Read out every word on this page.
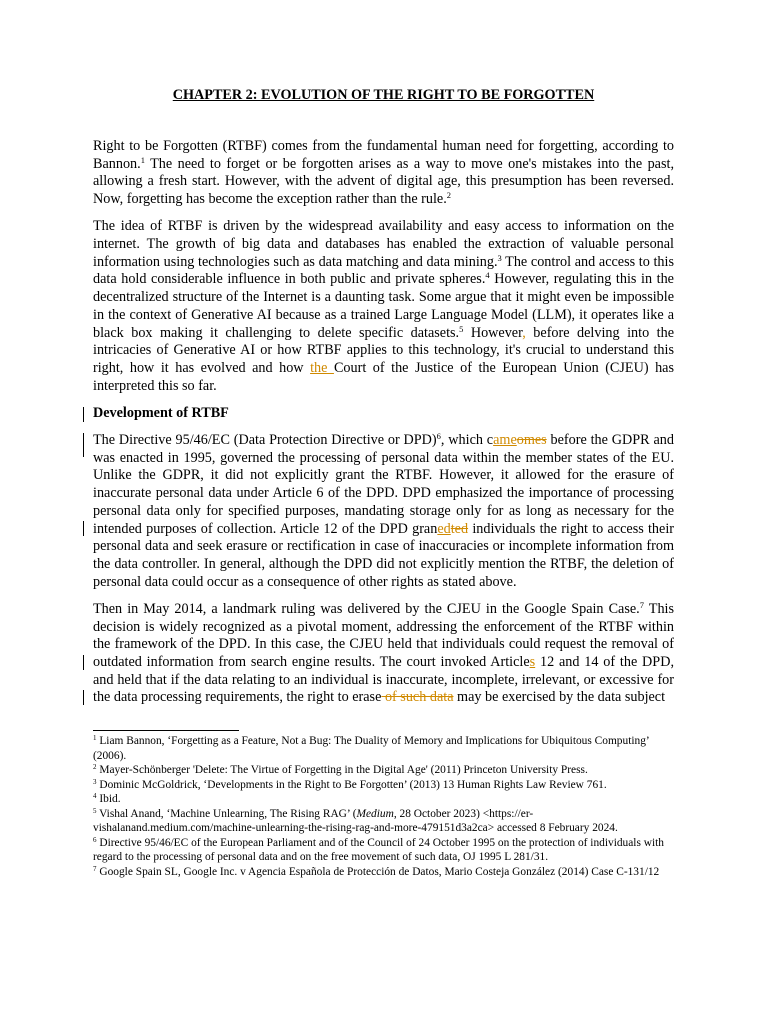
CHAPTER 2: EVOLUTION OF THE RIGHT TO BE FORGOTTEN

Right to be Forgotten (RTBF) comes from the fundamental human need for forgetting, according to Bannon.$^1$ The need to forget or be forgotten arises as a way to move one's mistakes into the past, allowing a fresh start. However, with the advent of digital age, this presumption has been reversed. Now, forgetting has become the exception rather than the rule.$^2$

The idea of RTBF is driven by the widespread availability and easy access to information on the internet. The growth of big data and databases has enabled the extraction of valuable personal information using technologies such as data matching and data mining.$^3$ The control and access to this data hold considerable influence in both public and private spheres.$^4$ However, regulating this in the decentralized structure of the Internet is a daunting task. Some argue that it might even be impossible in the context of Generative AI because as a trained Large Language Model (LLM), it operates like a black box making it challenging to delete specific datasets.$^5$ However, before delving into the intricacies of Generative AI or how RTBF applies to this technology, it's crucial to understand this right, how it has evolved and how the Court of the Justice of the European Union (CJEU) has interpreted this so far.

Development of RTBF

The Directive 95/46/EC (Data Protection Directive or DPD)$^6$, which cameomes before the GDPR and was enacted in 1995, governed the processing of personal data within the member states of the EU. Unlike the GDPR, it did not explicitly grant the RTBF. However, it allowed for the erasure of inaccurate personal data under Article 6 of the DPD. DPD emphasized the importance of processing personal data only for specified purposes, mandating storage only for as long as necessary for the intended purposes of collection. Article 12 of the DPD granedted individuals the right to access their personal data and seek erasure or rectification in case of inaccuracies or incomplete information from the data controller. In general, although the DPD did not explicitly mention the RTBF, the deletion of personal data could occur as a consequence of other rights as stated above.

Then in May 2014, a landmark ruling was delivered by the CJEU in the Google Spain Case.$^7$ This decision is widely recognized as a pivotal moment, addressing the enforcement of the RTBF within the framework of the DPD. In this case, the CJEU held that individuals could request the removal of outdated information from search engine results. The court invoked Articles 12 and 14 of the DPD, and held that if the data relating to an individual is inaccurate, incomplete, irrelevant, or excessive for the data processing requirements, the right to erase of such data may be exercised by the data subject

$^1$ Liam Bannon, ‘Forgetting as a Feature, Not a Bug: The Duality of Memory and Implications for Ubiquitous Computing’ (2006).
$^2$ Mayer-Schönberger 'Delete: The Virtue of Forgetting in the Digital Age' (2011) Princeton University Press.
$^3$ Dominic McGoldrick, ‘Developments in the Right to Be Forgotten’ (2013) 13 Human Rights Law Review 761.
$^4$ Ibid.
$^5$ Vishal Anand, ‘Machine Unlearning, The Rising RAG’ (Medium, 28 October 2023) <https://er-vishalanand.medium.com/machine-unlearning-the-rising-rag-and-more-479151d3a2ca> accessed 8 February 2024.
$^6$ Directive 95/46/EC of the European Parliament and of the Council of 24 October 1995 on the protection of individuals with regard to the processing of personal data and on the free movement of such data, OJ 1995 L 281/31.
$^7$ Google Spain SL, Google Inc. v Agencia Española de Protección de Datos, Mario Costeja González (2014) Case C-131/12
